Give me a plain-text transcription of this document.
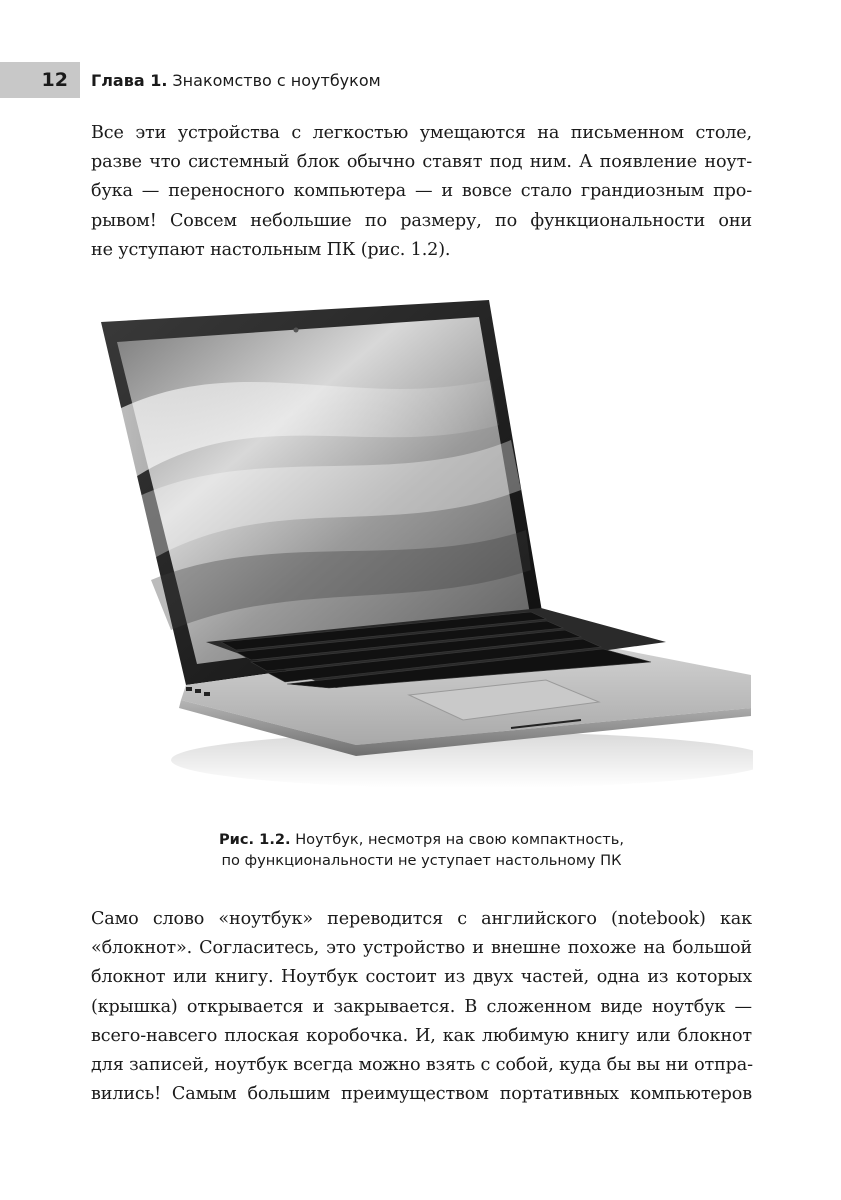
12	Глава 1. Знакомство с ноутбуком

Все эти устройства с легкостью умещаются на письменном столе,
разве что системный блок обычно ставят под ним. А появление ноут-
бука — переносного компьютера — и вовсе стало грандиозным про-
рывом! Совсем небольшие по размеру, по функциональности они
не уступают настольным ПК (рис. 1.2).

Рис. 1.2. Ноутбук, несмотря на свою компактность,
по функциональности не уступает настольному ПК

Само слово «ноутбук» переводится с английского (notebook) как
«блокнот». Согласитесь, это устройство и внешне похоже на большой
блокнот или книгу. Ноутбук состоит из двух частей, одна из которых
(крышка) открывается и закрывается. В сложенном виде ноутбук —
всего-навсего плоская коробочка. И, как любимую книгу или блокнот
для записей, ноутбук всегда можно взять с собой, куда бы вы ни отпра-
вились! Самым большим преимуществом портативных компьютеров
